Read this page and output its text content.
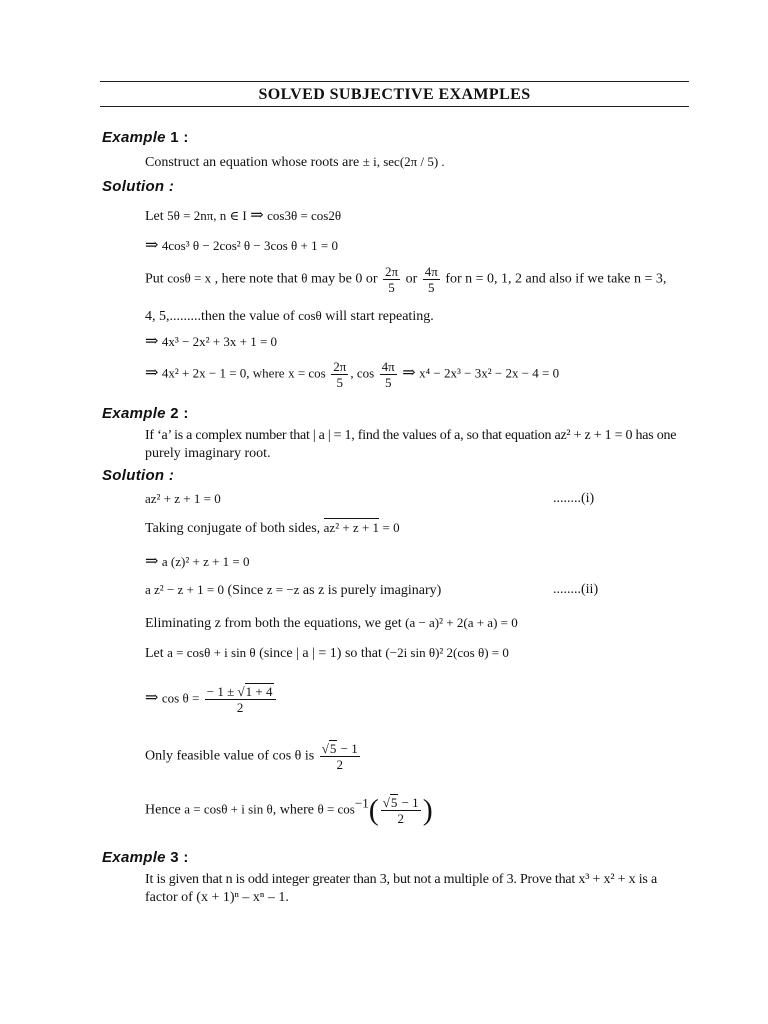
SOLVED SUBJECTIVE EXAMPLES
Example 1 :
Construct an equation whose roots are ± i, sec(2π / 5) .
Solution :
Let 5θ = 2nπ, n ∈ I ⇒ cos3θ = cos2θ
⇒ 4cos³ θ − 2cos² θ − 3cos θ + 1 = 0
Put cosθ = x , here note that θ may be 0 or $\frac{2\pi}{5}$ or $\frac{4\pi}{5}$ for n = 0, 1, 2 and also if we take n = 3,
4, 5,.........then the value of cosθ will start repeating.
⇒ 4x³ − 2x² + 3x + 1 = 0
⇒ 4x² + 2x − 1 = 0, where $x = \cos \frac{2\pi}{5}$ , $\cos \frac{4\pi}{5}$ ⇒ x⁴ − 2x³ − 3x² − 2x − 4 = 0
Example 2 :
If ‘a’ is a complex number that | a | = 1, find the values of a, so that equation az² + z + 1 = 0 has one
purely imaginary root.
Solution :
az² + z + 1 = 0	........(i)
Taking conjugate of both sides, az² + z + 1 = 0
⇒ a (z)² + z + 1 = 0
a z² − z + 1 = 0 (Since z = −z as z is purely imaginary)	........(ii)
Eliminating z from both the equations, we get (a − a)² + 2(a + a) = 0
Let a = cosθ + i sin θ (since | a | = 1) so that (−2i sin θ)² 2(cos θ) = 0
⇒ $\cos \theta = \frac{- 1 \pm √1 + 4}{2}$
Only feasible value of cos θ is $\frac{√5 - 1}{2}$
Hence a = cosθ + i sin θ, where $\theta = \cos^{-1}( \frac{√5 - 1}{2}$ )
Example 3 :
It is given that n is odd integer greater than 3, but not a multiple of 3. Prove that x³ + x² + x is a
factor of (x + 1)ⁿ – xⁿ – 1.
